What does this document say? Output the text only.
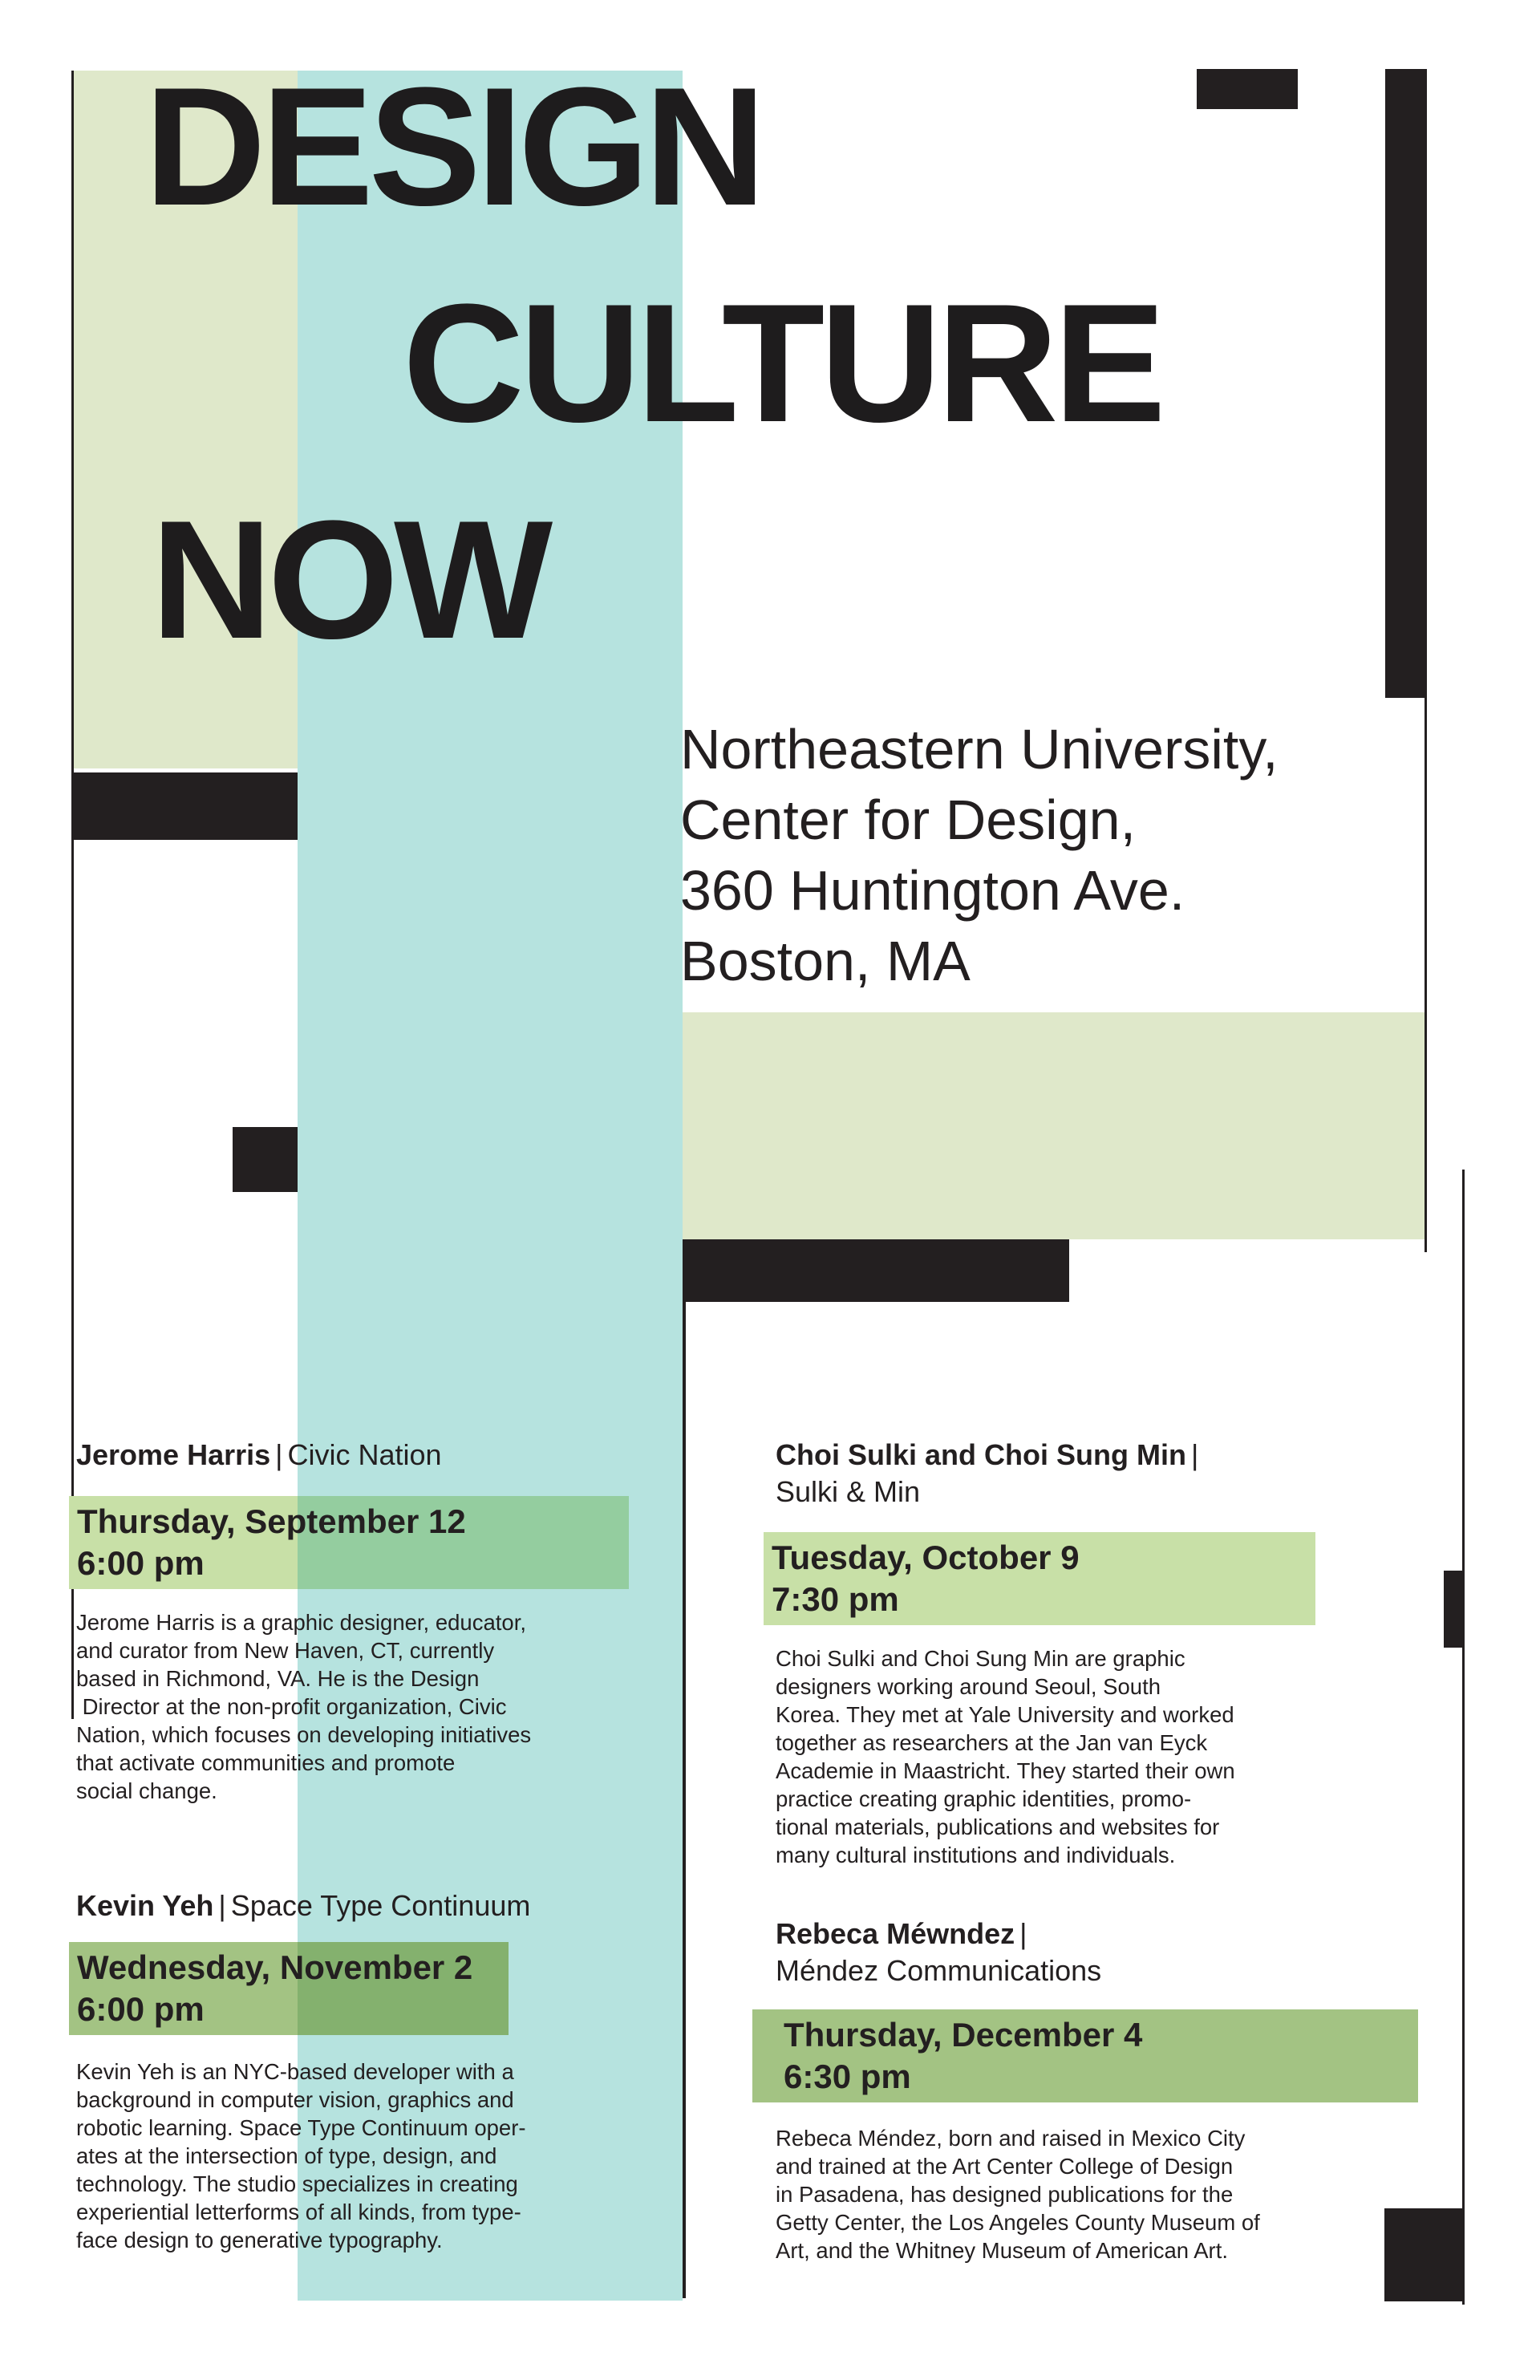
DESIGN
CULTURE
NOW
Northeastern University,
Center for Design,
360 Huntington Ave.
Boston, MA
Jerome Harris | Civic Nation
Thursday, September 12
6:00 pm
Jerome Harris is a graphic designer, educator,
and curator from New Haven, CT, currently
based in Richmond, VA. He is the Design
Director at the non-profit organization, Civic
Nation, which focuses on developing initiatives
that activate communities and promote
social change.
Kevin Yeh | Space Type Continuum
Wednesday, November 2
6:00 pm
Kevin Yeh is an NYC-based developer with a
background in computer vision, graphics and
robotic learning. Space Type Continuum oper-
ates at the intersection of type, design, and
technology. The studio specializes in creating
experiential letterforms of all kinds, from type-
face design to generative typography.
Choi Sulki and Choi Sung Min |
Sulki & Min
Tuesday, October 9
7:30 pm
Choi Sulki and Choi Sung Min are graphic
designers working around Seoul, South
Korea. They met at Yale University and worked
together as researchers at the Jan van Eyck
Academie in Maastricht. They started their own
practice creating graphic identities, promo-
tional materials, publications and websites for
many cultural institutions and individuals.
Rebeca Méwndez |
Méndez Communications
Thursday, December 4
6:30 pm
Rebeca Méndez, born and raised in Mexico City
and trained at the Art Center College of Design
in Pasadena, has designed publications for the
Getty Center, the Los Angeles County Museum of
Art, and the Whitney Museum of American Art.
